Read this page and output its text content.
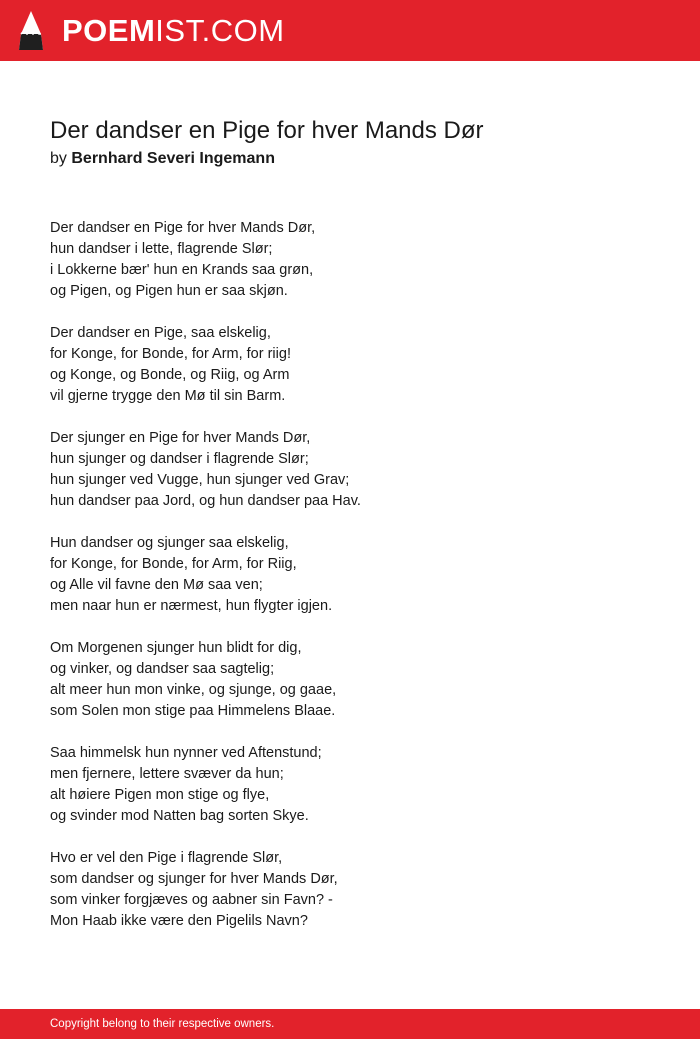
POEMIST.COM
Der dandser en Pige for hver Mands Dør
by Bernhard Severi Ingemann
Der dandser en Pige for hver Mands Dør,
hun dandser i lette, flagrende Slør;
i Lokkerne bær' hun en Krands saa grøn,
og Pigen, og Pigen hun er saa skjøn.
Der dandser en Pige, saa elskelig,
for Konge, for Bonde, for Arm, for riig!
og Konge, og Bonde, og Riig, og Arm
vil gjerne trygge den Mø til sin Barm.
Der sjunger en Pige for hver Mands Dør,
hun sjunger og dandser i flagrende Slør;
hun sjunger ved Vugge, hun sjunger ved Grav;
hun dandser paa Jord, og hun dandser paa Hav.
Hun dandser og sjunger saa elskelig,
for Konge, for Bonde, for Arm, for Riig,
og Alle vil favne den Mø saa ven;
men naar hun er nærmest, hun flygter igjen.
Om Morgenen sjunger hun blidt for dig,
og vinker, og dandser saa sagtelig;
alt meer hun mon vinke, og sjunge, og gaae,
som Solen mon stige paa Himmelens Blaae.
Saa himmelsk hun nynner ved Aftenstund;
men fjernere, lettere svæver da hun;
alt høiere Pigen mon stige og flye,
og svinder mod Natten bag sorten Skye.
Hvo er vel den Pige i flagrende Slør,
som dandser og sjunger for hver Mands Dør,
som vinker forgjæves og aabner sin Favn? -
Mon Haab ikke være den Pigelils Navn?
Copyright belong to their respective owners.
